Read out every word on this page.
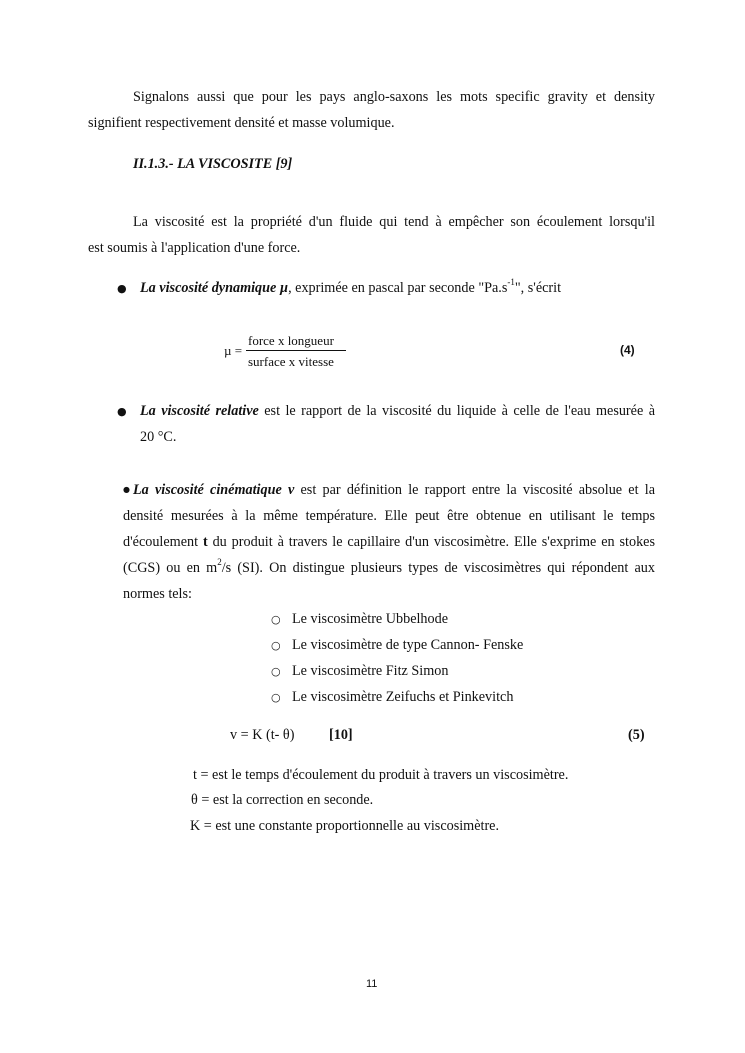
Signalons aussi que pour les pays anglo-saxons les mots specific gravity et density
signifient respectivement densité et masse volumique.
II.1.3.- LA VISCOSITE [9]
La viscosité est la propriété d'un fluide qui tend à empêcher son écoulement lorsqu'il
est soumis à l'application d'une force.
● La viscosité dynamique µ, exprimée en pascal par seconde "$Pa.s^{-1}$", s'écrit
µ =
force x longueur
surface x vitesse
(4)
● La viscosité relative est le rapport de la viscosité du liquide à celle de l'eau mesurée à
20 °C.
● La viscosité cinématique v est par définition le rapport entre la viscosité absolue et la
densité mesurées à la même température. Elle peut être obtenue en utilisant le temps
d'écoulement t du produit à travers le capillaire d'un viscosimètre. Elle s'exprime en stokes
(CGS) ou en $m^2/s$ (SI). On distingue plusieurs types de viscosimètres qui répondent aux
normes tels:
○ Le viscosimètre Ubbelhode
○ Le viscosimètre de type Cannon- Fenske
○ Le viscosimètre Fitz Simon
○ Le viscosimètre Zeifuchs et Pinkevitch
v = K (t- θ) [10]	(5)
t = est le temps d'écoulement du produit à travers un viscosimètre.
θ = est la correction en seconde.
K = est une constante proportionnelle au viscosimètre.
11
